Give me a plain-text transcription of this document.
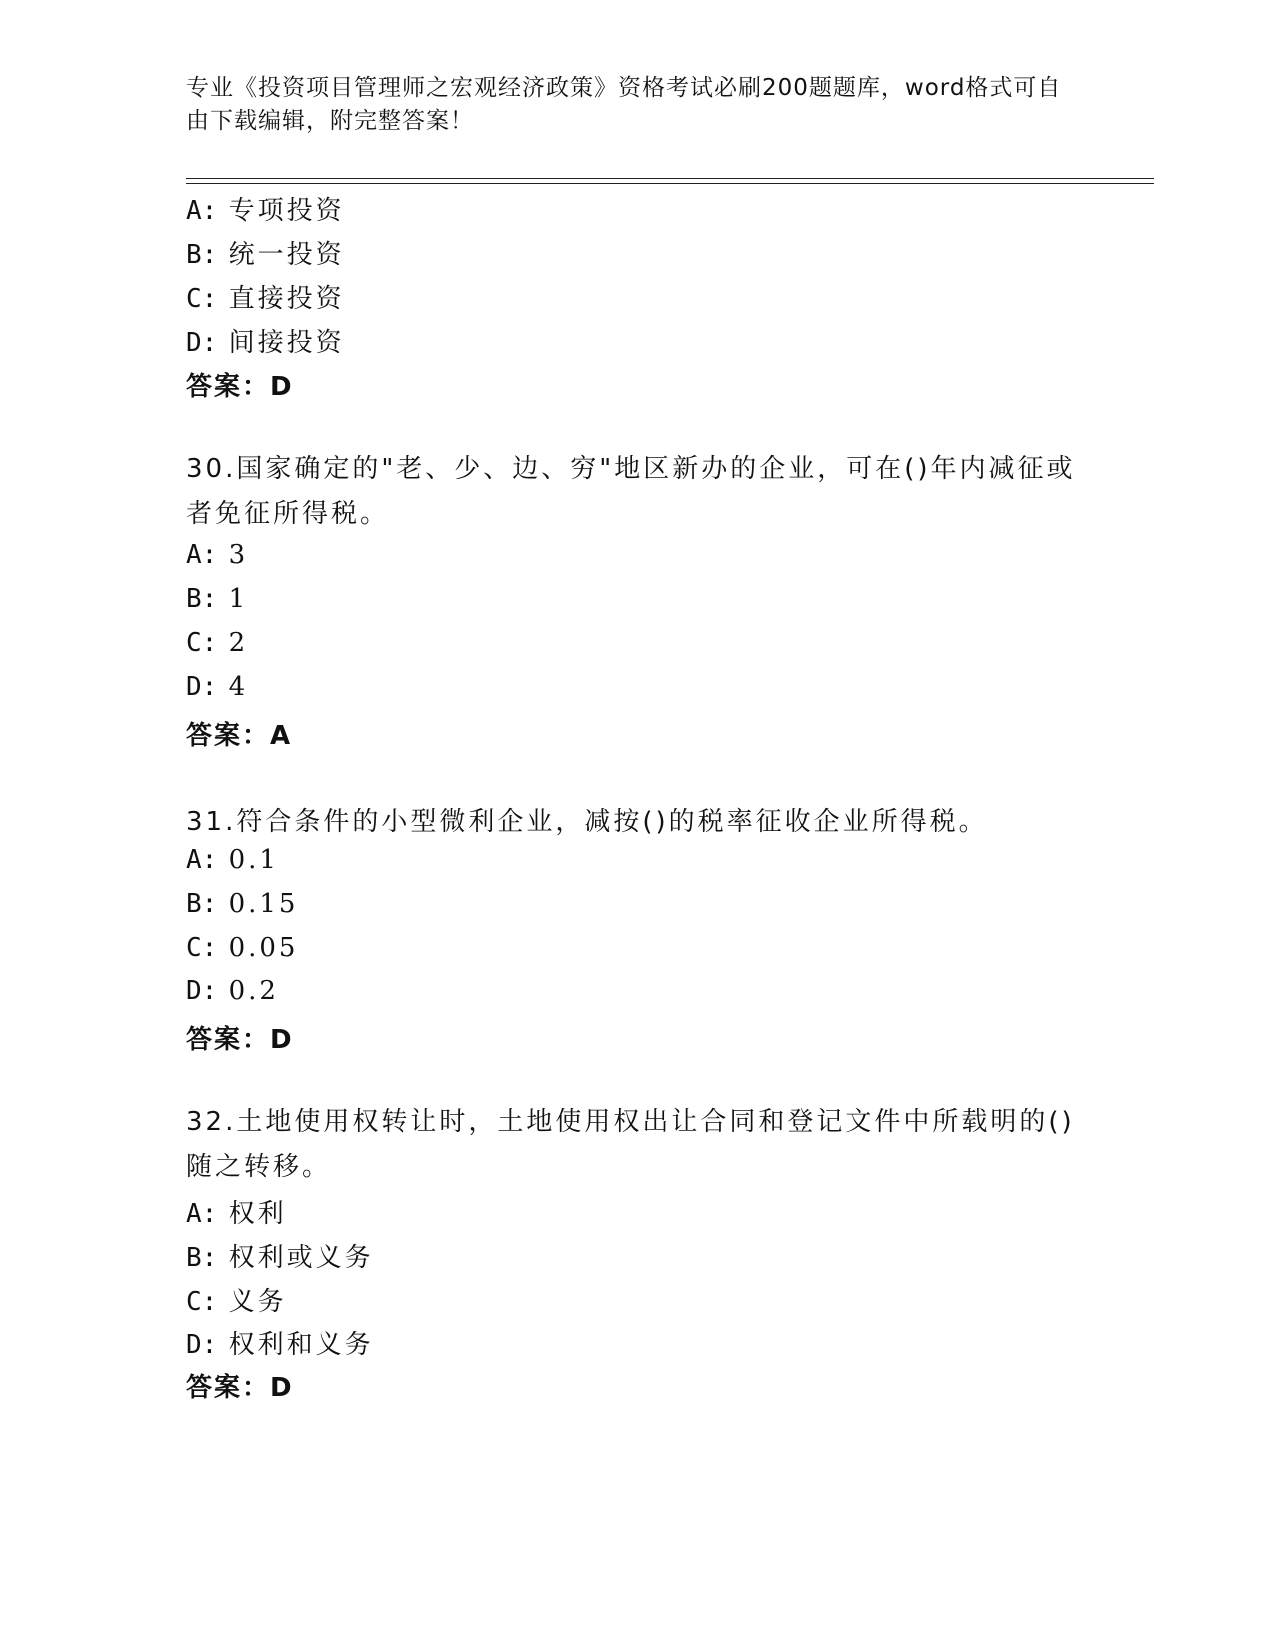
专业《投资项目管理师之宏观经济政策》资格考试必刷200题题库，word格式可自由下载编辑，附完整答案！
A: 专项投资
B: 统一投资
C: 直接投资
D: 间接投资
答案：D
30.国家确定的"老、少、边、穷"地区新办的企业，可在()年内减征或者免征所得税。
A: 3
B: 1
C: 2
D: 4
答案：A
31.符合条件的小型微利企业，减按()的税率征收企业所得税。
A: 0.1
B: 0.15
C: 0.05
D: 0.2
答案：D
32.土地使用权转让时，土地使用权出让合同和登记文件中所载明的()随之转移。
A: 权利
B: 权利或义务
C: 义务
D: 权利和义务
答案：D
